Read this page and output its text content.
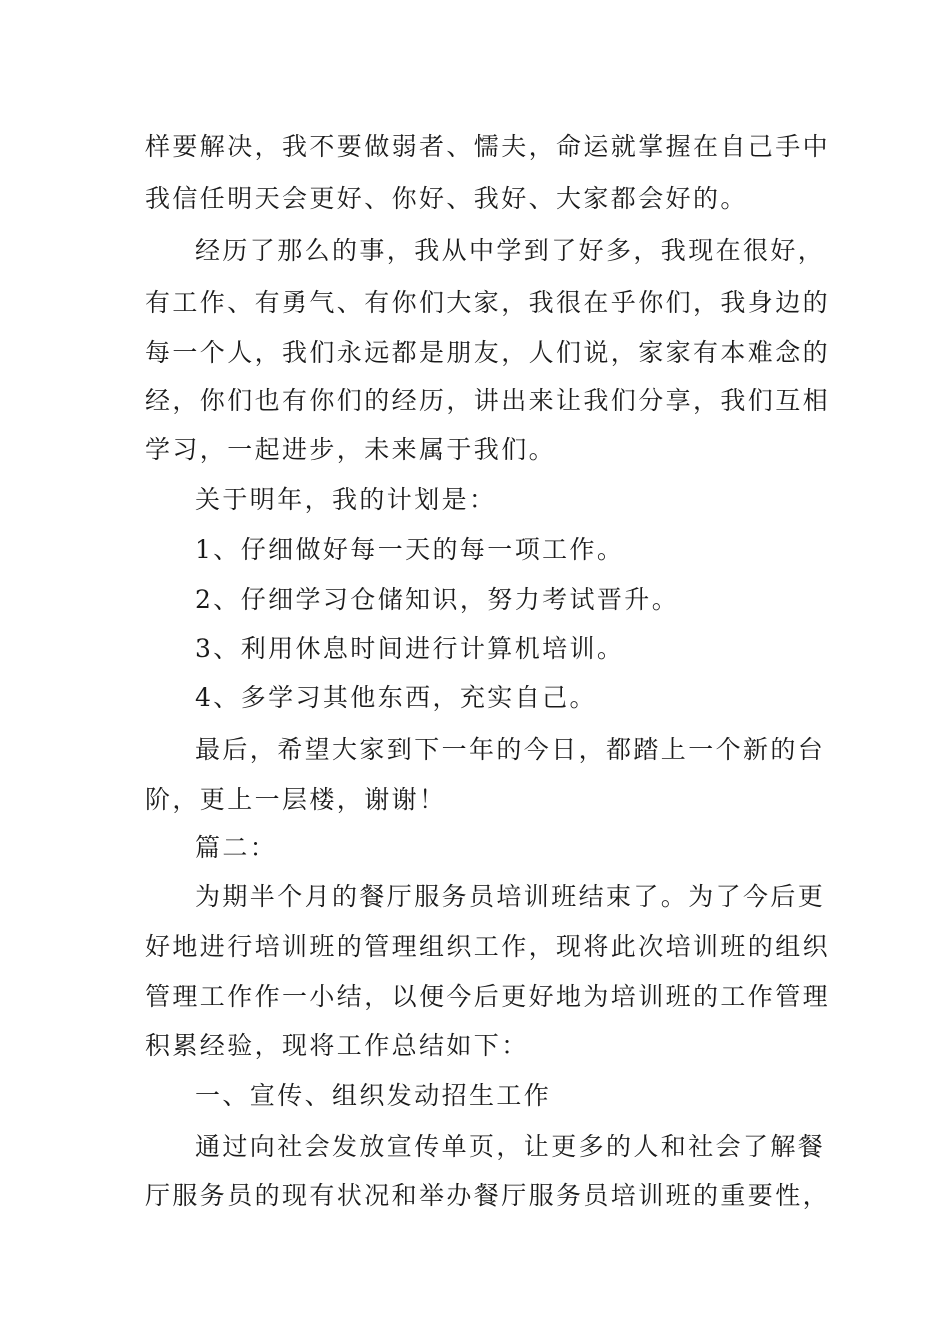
样要解决，我不要做弱者、懦夫，命运就掌握在自己手中
我信任明天会更好、你好、我好、大家都会好的。
经历了那么的事，我从中学到了好多，我现在很好，
有工作、有勇气、有你们大家，我很在乎你们，我身边的
每一个人，我们永远都是朋友，人们说，家家有本难念的
经，你们也有你们的经历，讲出来让我们分享，我们互相
学习，一起进步，未来属于我们。
关于明年，我的计划是：
1、仔细做好每一天的每一项工作。
2、仔细学习仓储知识，努力考试晋升。
3、利用休息时间进行计算机培训。
4、多学习其他东西，充实自己。
最后，希望大家到下一年的今日，都踏上一个新的台
阶，更上一层楼，谢谢！
篇二：
为期半个月的餐厅服务员培训班结束了。为了今后更
好地进行培训班的管理组织工作，现将此次培训班的组织
管理工作作一小结，以便今后更好地为培训班的工作管理
积累经验，现将工作总结如下：
一、宣传、组织发动招生工作
通过向社会发放宣传单页，让更多的人和社会了解餐
厅服务员的现有状况和举办餐厅服务员培训班的重要性，
